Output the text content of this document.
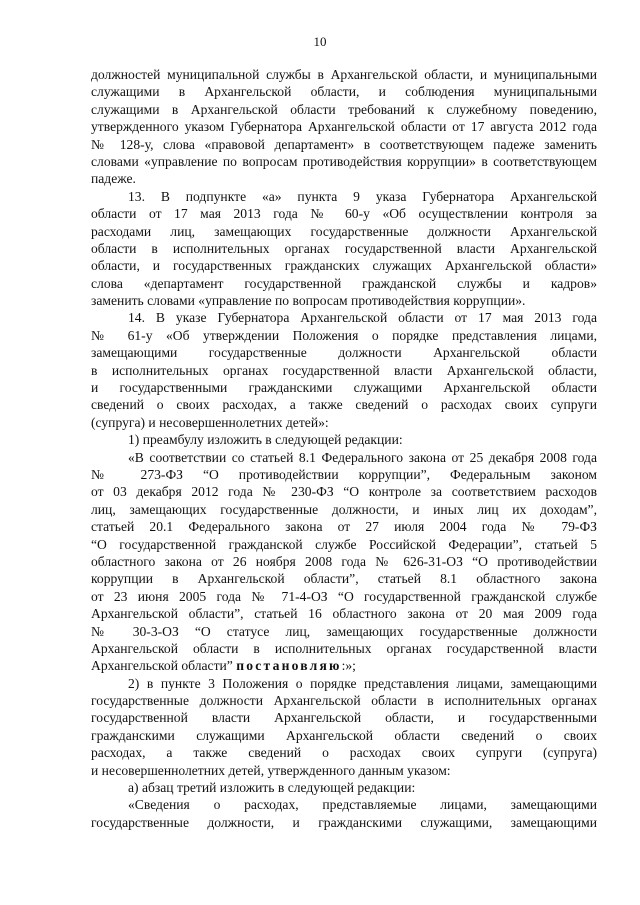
10
должностей муниципальной службы в Архангельской области, и муниципальными
служащими в Архангельской области, и соблюдения муниципальными
служащими в Архангельской области требований к служебному поведению,
утвержденного указом Губернатора Архангельской области от 17 августа 2012 года
№ 128-у, слова «правовой департамент» в соответствующем падеже заменить
словами «управление по вопросам противодействия коррупции» в соответствующем
падеже.
13. В подпункте «а» пункта 9 указа Губернатора Архангельской
области от 17 мая 2013 года № 60-у «Об осуществлении контроля за
расходами лиц, замещающих государственные должности Архангельской
области в исполнительных органах государственной власти Архангельской
области, и государственных гражданских служащих Архангельской области»
слова «департамент государственной гражданской службы и кадров»
заменить словами «управление по вопросам противодействия коррупции».
14. В указе Губернатора Архангельской области от 17 мая 2013 года
№ 61-у «Об утверждении Положения о порядке представления лицами,
замещающими государственные должности Архангельской области
в исполнительных органах государственной власти Архангельской области,
и государственными гражданскими служащими Архангельской области
сведений о своих расходах, а также сведений о расходах своих супруги
(супруга) и несовершеннолетних детей»:
1) преамбулу изложить в следующей редакции:
«В соответствии со статьей 8.1 Федерального закона от 25 декабря 2008 года
№ 273-ФЗ “О противодействии коррупции”, Федеральным законом
от 03 декабря 2012 года № 230-ФЗ “О контроле за соответствием расходов
лиц, замещающих государственные должности, и иных лиц их доходам”,
статьей 20.1 Федерального закона от 27 июля 2004 года № 79-ФЗ
“О государственной гражданской службе Российской Федерации”, статьей 5
областного закона от 26 ноября 2008 года № 626-31-ОЗ “О противодействии
коррупции в Архангельской области”, статьей 8.1 областного закона
от 23 июня 2005 года № 71-4-ОЗ “О государственной гражданской службе
Архангельской области”, статьей 16 областного закона от 20 мая 2009 года
№ 30-3-ОЗ “О статусе лиц, замещающих государственные должности
Архангельской области в исполнительных органах государственной власти
Архангельской области” постановляю:»;
2) в пункте 3 Положения о порядке представления лицами, замещающими
государственные должности Архангельской области в исполнительных органах
государственной власти Архангельской области, и государственными
гражданскими служащими Архангельской области сведений о своих
расходах, а также сведений о расходах своих супруги (супруга)
и несовершеннолетних детей, утвержденного данным указом:
а) абзац третий изложить в следующей редакции:
«Сведения о расходах, представляемые лицами, замещающими
государственные должности, и гражданскими служащими, замещающими
